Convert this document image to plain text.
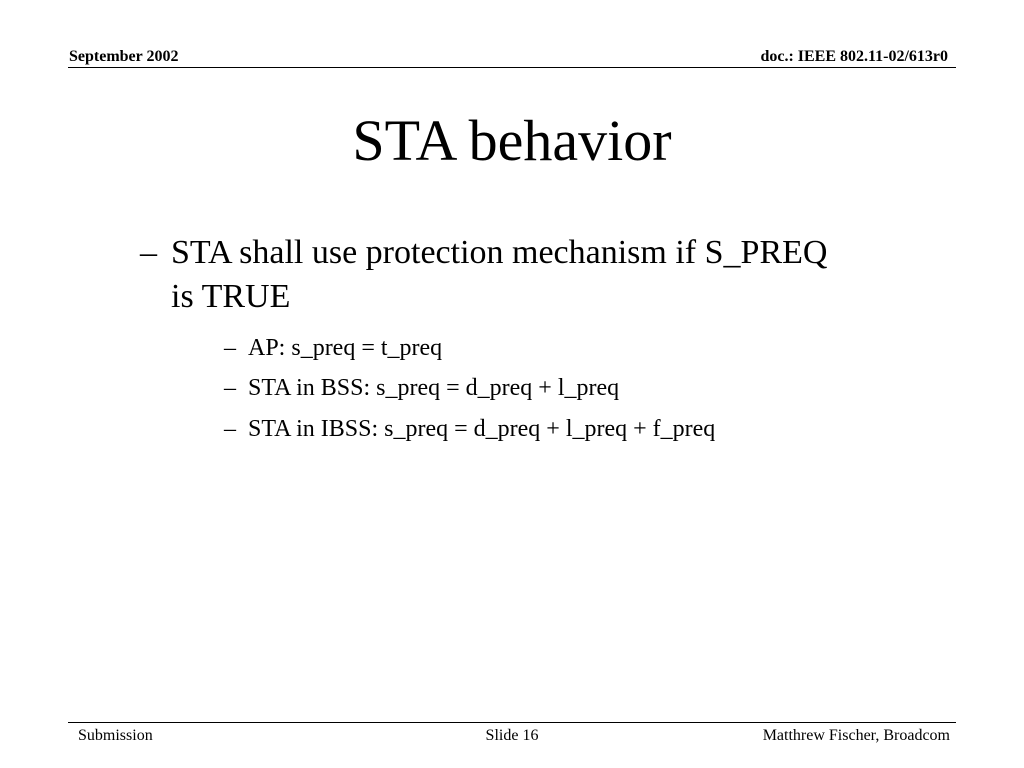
September 2002	doc.: IEEE 802.11-02/613r0
STA behavior
– STA shall use protection mechanism if S_PREQ is TRUE
– AP: s_preq = t_preq
– STA in BSS: s_preq = d_preq + l_preq
– STA in IBSS: s_preq = d_preq + l_preq + f_preq
Submission	Slide 16	Matthrew Fischer, Broadcom
